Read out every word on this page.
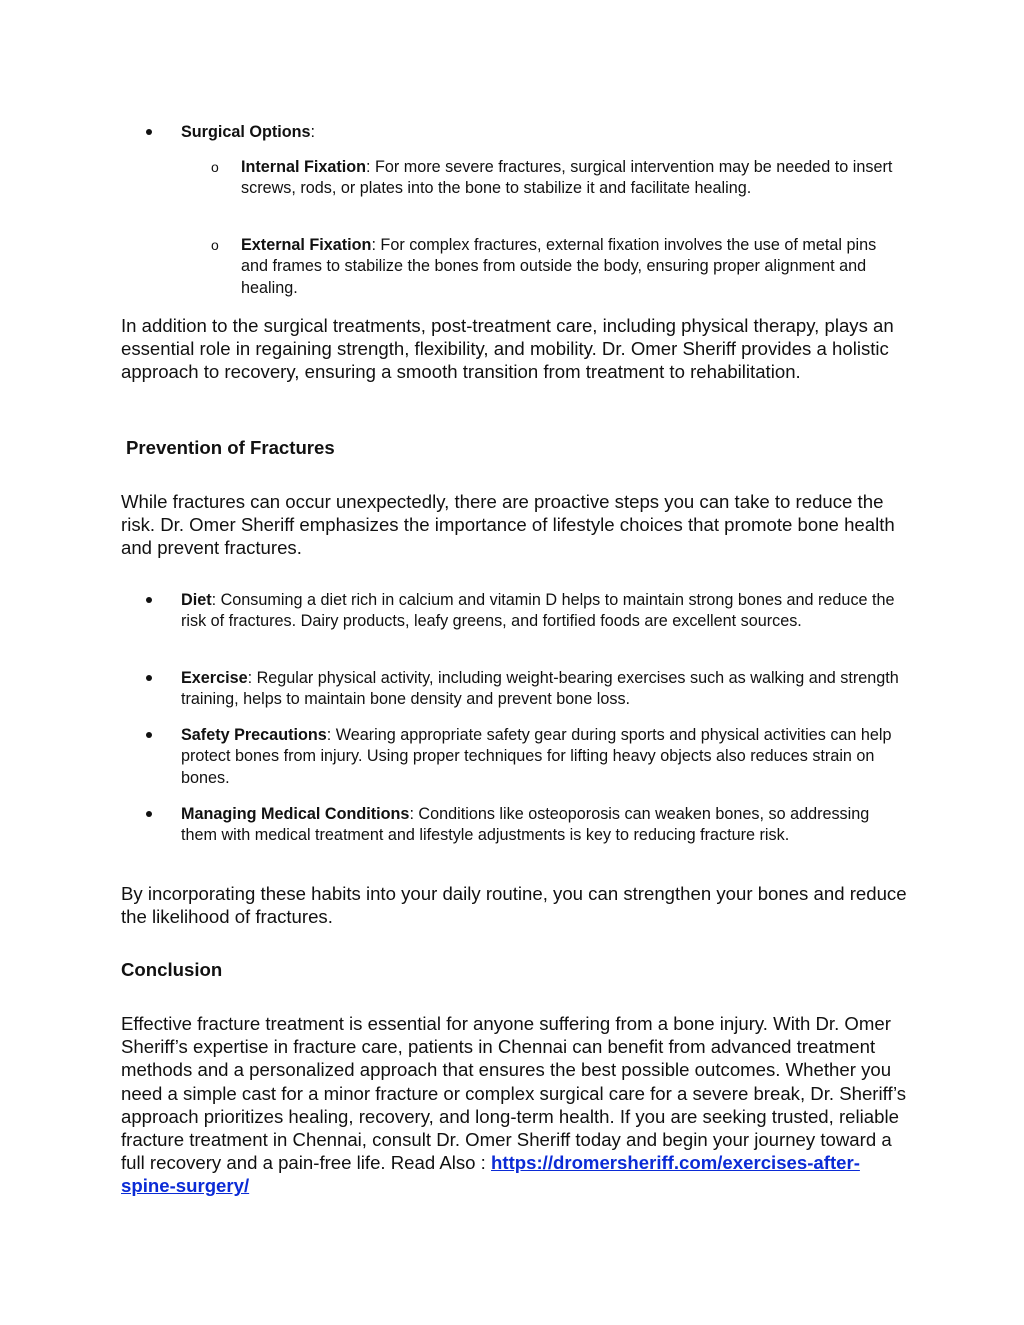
Surgical Options:

o Internal Fixation: For more severe fractures, surgical intervention may be needed to insert screws, rods, or plates into the bone to stabilize it and facilitate healing.

o External Fixation: For complex fractures, external fixation involves the use of metal pins and frames to stabilize the bones from outside the body, ensuring proper alignment and healing.

In addition to the surgical treatments, post-treatment care, including physical therapy, plays an essential role in regaining strength, flexibility, and mobility. Dr. Omer Sheriff provides a holistic approach to recovery, ensuring a smooth transition from treatment to rehabilitation.

Prevention of Fractures

While fractures can occur unexpectedly, there are proactive steps you can take to reduce the risk. Dr. Omer Sheriff emphasizes the importance of lifestyle choices that promote bone health and prevent fractures.

Diet: Consuming a diet rich in calcium and vitamin D helps to maintain strong bones and reduce the risk of fractures. Dairy products, leafy greens, and fortified foods are excellent sources.

Exercise: Regular physical activity, including weight-bearing exercises such as walking and strength training, helps to maintain bone density and prevent bone loss.

Safety Precautions: Wearing appropriate safety gear during sports and physical activities can help protect bones from injury. Using proper techniques for lifting heavy objects also reduces strain on bones.

Managing Medical Conditions: Conditions like osteoporosis can weaken bones, so addressing them with medical treatment and lifestyle adjustments is key to reducing fracture risk.

By incorporating these habits into your daily routine, you can strengthen your bones and reduce the likelihood of fractures.

Conclusion

Effective fracture treatment is essential for anyone suffering from a bone injury. With Dr. Omer Sheriff’s expertise in fracture care, patients in Chennai can benefit from advanced treatment methods and a personalized approach that ensures the best possible outcomes. Whether you need a simple cast for a minor fracture or complex surgical care for a severe break, Dr. Sheriff’s approach prioritizes healing, recovery, and long-term health. If you are seeking trusted, reliable fracture treatment in Chennai, consult Dr. Omer Sheriff today and begin your journey toward a full recovery and a pain-free life. Read Also : https://dromersheriff.com/exercises-after-spine-surgery/
